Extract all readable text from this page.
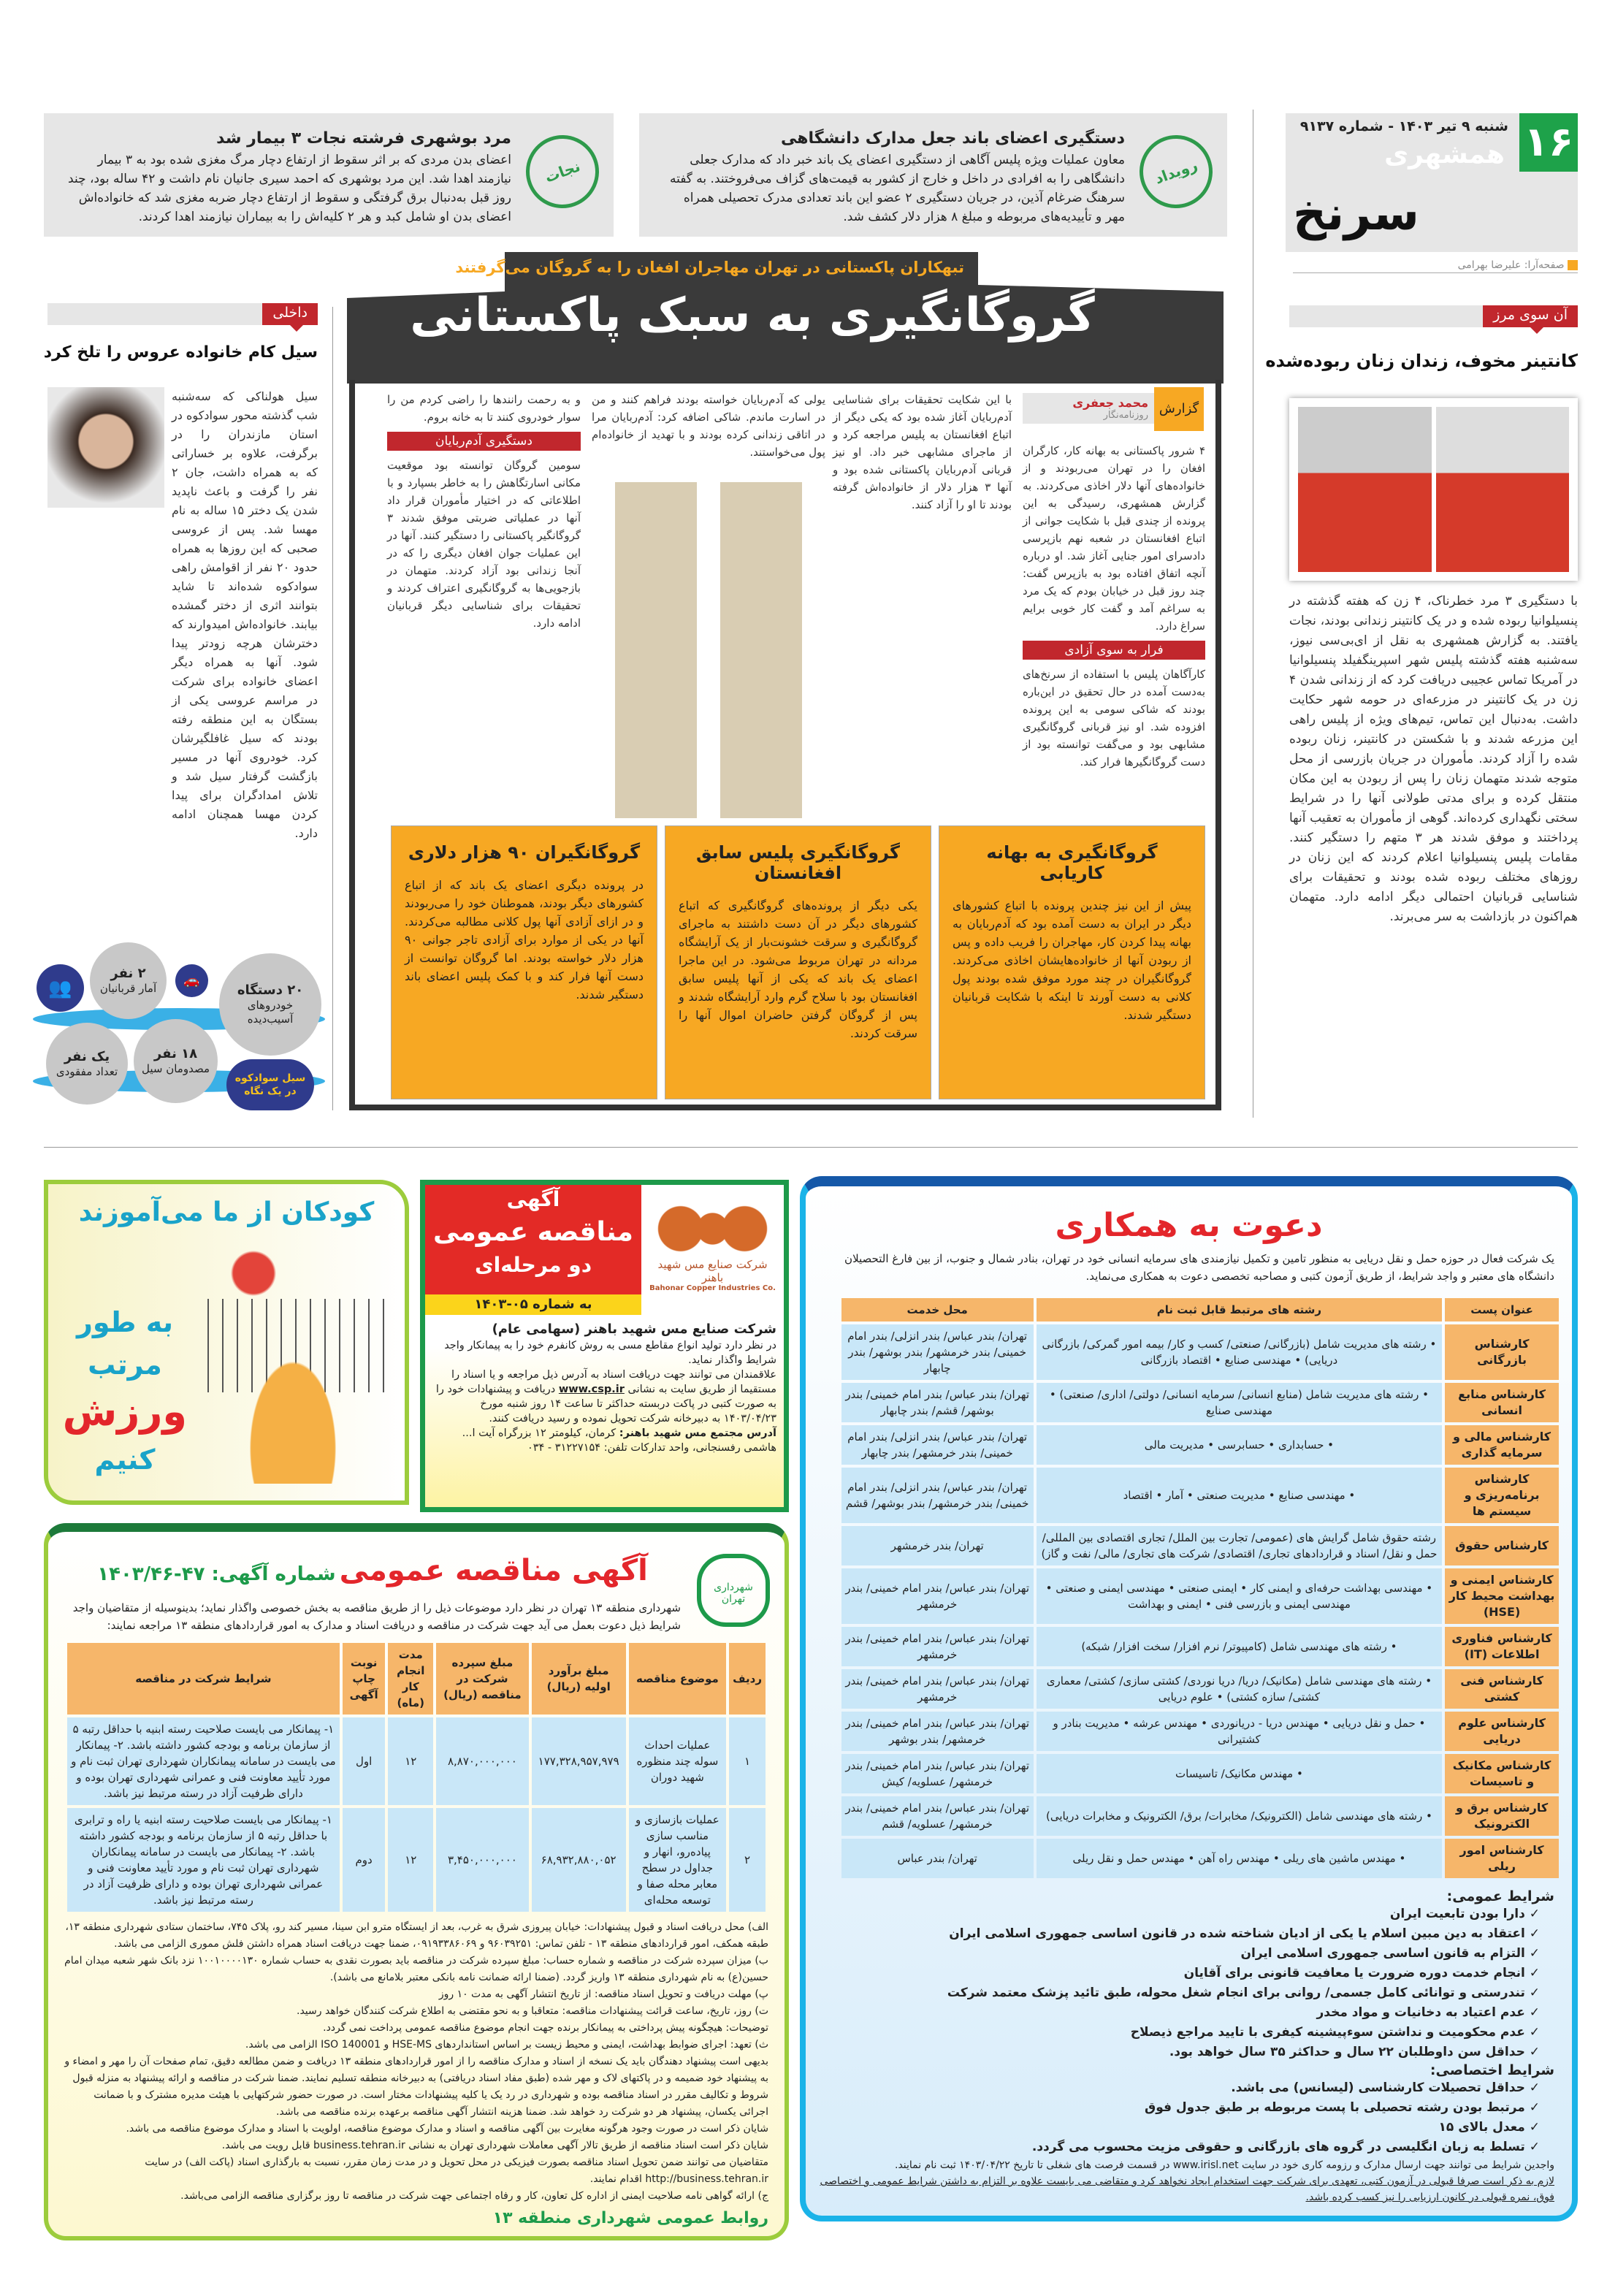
۱۶
شنبه ۹ تیر ۱۴۰۳ - شماره ۹۱۳۷
همشهری
سرنخ
صفحه‌آرا: علیرضا بهرامی
رویداد
دستگیری اعضای باند جعل مدارک دانشگاهی

معاون عملیات ویژه پلیس آگاهی از دستگیری اعضای یک باند خبر داد که مدارک جعلی دانشگاهی را به افرادی در داخل و خارج از کشور به قیمت‌های گزاف می‌فروختند. به گفته سرهنگ ضرغام آذین، در جریان دستگیری ۲ عضو این باند تعدادی مدرک تحصیلی همراه مهر و تأییدیه‌های مربوطه و مبلغ ۸ هزار دلار کشف شد.

نجات
مرد بوشهری فرشته نجات ۳ بیمار شد

اعضای بدن مردی که بر اثر سقوط از ارتفاع دچار مرگ مغزی شده بود به ۳ بیمار نیازمند اهدا شد. این مرد بوشهری که احمد سیری جانیان نام داشت و ۴۲ ساله بود، چند روز قبل به‌دنبال برق گرفتگی و سقوط از ارتفاع دچار ضربه مغزی شد که خانواده‌اش اعضای بدن او شامل کبد و هر ۲ کلیه‌اش را به بیماران نیازمند اهدا کردند.

آن سوی مرز
کانتینر مخوف، زندان زنان ربوده‌شده

با دستگیری ۳ مرد خطرناک، ۴ زن که هفته گذشته در پنسیلوانیا ربوده شده و در یک کانتینر زندانی بودند، نجات یافتند. به گزارش همشهری به نقل از ای‌بی‌سی نیوز، سه‌شنبه هفته گذشته پلیس شهر اسپرینگفیلد پنسیلوانیا در آمریکا تماس عجیبی دریافت کرد که از زندانی شدن ۴ زن در یک کانتینر در مزرعه‌ای در حومه شهر حکایت داشت. به‌دنبال این تماس، تیم‌های ویژه از پلیس راهی این مزرعه شدند و با شکستن در کانتینر، زنان ربوده شده را آزاد کردند. مأموران در جریان بازرسی از محل متوجه شدند متهمان زنان را پس از ربودن به این مکان منتقل کرده و برای مدتی طولانی آنها را در شرایط سختی نگهداری کرده‌اند. گوهی از مأموران به تعقیب آنها پرداختند و موفق شدند هر ۳ متهم را دستگیر کنند. مقامات پلیس پنسیلوانیا اعلام کردند که این زنان در روزهای مختلف ربوده شده بودند و تحقیقات برای شناسایی قربانیان احتمالی دیگر ادامه دارد. متهمان هم‌اکنون در بازداشت به سر می‌برند.

تبهکاران پاکستانی در تهران مهاجران افغان را به گروگان می‌گرفتند
گروگانگیری به سبک پاکستانی
گزارش
محمد جعفری
روزنامه‌نگار

۴ شرور پاکستانی به بهانه کار، کارگران افغان را در تهران می‌ربودند و از خانواده‌های آنها دلار اخاذی می‌کردند. به گزارش همشهری، رسیدگی به این پرونده از چندی قبل با شکایت جوانی از اتباع افغانستان در شعبه نهم بازپرسی دادسرای امور جنایی آغاز شد. او درباره آنچه اتفاق افتاده بود به بازپرس گفت: چند روز قبل در خیابان بودم که یک مرد به سراغم آمد و گفت کار خوبی برایم سراغ دارد.

فرار به سوی آزادی

کارآگاهان پلیس با استفاده از سرنخ‌های به‌دست آمده در حال تحقیق در این‌باره بودند که شاکی سومی به این پرونده افزوده شد. او نیز قربانی گروگانگیری مشابهی بود و می‌گفت توانسته بود از دست گروگانگیرها فرار کند.

با این شکایت تحقیقات برای شناسایی آدم‌ربایان آغاز شده بود که یکی دیگر از اتباع افغانستان به پلیس مراجعه کرد و از ماجرای مشابهی خبر داد. او نیز قربانی آدم‌ربایان پاکستانی شده بود و آنها ۳ هزار دلار از خانواده‌اش گرفته بودند تا او را آزاد کنند.

یولی که آدم‌ربایان خواسته بودند فراهم کنند و من در اسارت ماندم. شاکی اضافه کرد: آدم‌ربایان مرا در اتاقی زندانی کرده بودند و با تهدید از خانواده‌ام پول می‌خواستند.

و به رحمت رانندها را راضی کردم من را سوار خودروی کنند تا به خانه بروم.

دستگیری آدم‌ربایان

سومین گروگان توانسته بود موقعیت مکانی اسارتگاهش را به خاطر بسپارد و با اطلاعاتی که در اختیار مأموران قرار داد آنها در عملیاتی ضربتی موفق شدند ۳ گروگانگیر پاکستانی را دستگیر کنند. آنها در این عملیات جوان افغان دیگری را که در آنجا زندانی بود آزاد کردند. متهمان در بازجویی‌ها به گروگانگیری اعتراف کردند و تحقیقات برای شناسایی دیگر قربانیان ادامه دارد.

گروگانگیری به بهانه کاریابی

پیش از این نیز چندین پرونده با اتباع کشورهای دیگر در ایران به دست آمده بود که آدم‌ربایان به بهانه پیدا کردن کار، مهاجران را فریب داده و پس از ربودن آنها از خانواده‌هایشان اخاذی می‌کردند. گروگانگیران در چند مورد موفق شده بودند پول کلانی به دست آورند تا اینکه با شکایت قربانیان دستگیر شدند.

گروگانگیری پلیس سابق افغانستان

یکی دیگر از پرونده‌های گروگانگیری که اتباع کشورهای دیگر در آن دست داشتند به ماجرای گروگانگیری و سرقت خشونت‌بار از یک آرایشگاه مردانه در تهران مربوط می‌شود. در این ماجرا اعضای یک باند که یکی از آنها پلیس سابق افغانستان بود با سلاح گرم وارد آرایشگاه شدند و پس از گروگان گرفتن حاضران اموال آنها را سرقت کردند.

گروگانگیران ۹۰ هزار دلاری

در پرونده دیگری اعضای یک باند که از اتباع کشورهای دیگر بودند، هموطنان خود را می‌ربودند و در ازای آزادی آنها پول کلانی مطالبه می‌کردند. آنها در یکی از موارد برای آزادی تاجر جوانی ۹۰ هزار دلار خواسته بودند. اما گروگان توانست از دست آنها فرار کند و با کمک پلیس اعضای باند دستگیر شدند.

داخلی
سیل کام خانواده عروس را تلخ کرد

سیل هولناکی که سه‌شنبه شب گذشته محور سوادکوه در استان مازندران را در برگرفت، علاوه بر خساراتی که به همراه داشت، جان ۲ نفر را گرفت و باعث ناپدید شدن یک دختر ۱۵ ساله به نام مهسا شد. پس از عروسی صحبی که این روزها به همراه حدود ۲۰ نفر از اقوامش راهی سوادکوه شده‌اند تا شاید بتوانند اثری از دختر گمشده بیابند. خانواده‌اش امیدوارند که دخترشان هرچه زودتر پیدا شود. آنها به همراه دیگر اعضای خانواده برای شرکت در مراسم عروسی یکی از بستگان به این منطقه رفته بودند که سیل غافلگیرشان کرد. خودروی آنها در مسیر بازگشت گرفتار سیل شد و تلاش امدادگران برای پیدا کردن مهسا همچنان ادامه دارد.

۲۰ دستگاه
خودروهای آسیب‌دیده
۲ نفر
آمار قربانیان
۱۸ نفر
مصدومان سیل
یک نفر
تعداد مفقودی
👥	🚗
سیل سوادکوه در یک نگاه
کودکان از ما می‌آموزند
به طور
مرتب
ورزش
کنیم
آگهی
مناقصه عمومی
دو مرحله‌ای
به شماره ۰۵-۱۴۰۳
شرکت صنایع مس شهید باهنر
Bahonar Copper Industries Co.
شرکت صنایع مس شهید باهنر (سهامی عام)
در نظر دارد تولید انواع مقاطع مسی به روش کانفرم خود را به پیمانکار واجد شرایط واگذار نماید.
علاقمندان می توانند جهت دریافت اسناد به آدرس ذیل مراجعه و یا اسناد را مستقیما از طریق سایت به نشانی www.csp.ir دریافت و پیشنهادات خود را به صورت کتبی در پاکت دربسته حداکثر تا ساعت ۱۴ روز شنبه مورخ ۱۴۰۳/۰۴/۲۳ به دبیرخانه شرکت تحویل نموده و رسید دریافت کنند.
آدرس مجتمع مس شهید باهنر: کرمان، کیلومتر ۱۲ بزرگراه آیت ا... هاشمی رفسنجانی، واحد تدارکات تلفن: ۳۱۲۲۷۱۵۴ - ۰۳۴
شهرداری تهران
آگهی مناقصه عمومی شماره آگهی: ۴۷-۱۴۰۳/۴۶

شهرداری منطقه ۱۳ تهران در نظر دارد موضوعات ذیل را از طریق مناقصه به بخش خصوصی واگذار نماید؛ بدینوسیله از متقاضیان واجد شرایط ذیل دعوت بعمل می آید جهت شرکت در مناقصه و دریافت اسناد و مدارک به امور قراردادهای منطقه ۱۳ مراجعه نمایند:

ردیف	موضوع مناقصه	مبلغ برآورد اولیه (ریال)	مبلغ سپرده شرکت در مناقصه (ریال)	مدت انجام کار (ماه)	نوبت چاپ آگهی	شرایط شرکت در مناقصه
۱	عملیات احداث سوله چند منظوره شهید دوران	۱۷۷,۳۲۸,۹۵۷,۹۷۹	۸,۸۷۰,۰۰۰,۰۰۰	۱۲	اول	۱- پیمانکار می بایست صلاحیت رسته ابنیه با حداقل رتبه ۵ از سازمان برنامه و بودجه کشور داشته باشد. ۲- پیمانکار می بایست در سامانه پیمانکاران شهرداری تهران ثبت نام و مورد تأیید معاونت فنی و عمرانی شهرداری تهران بوده و دارای ظرفیت آزاد در رسته مرتبط نیز باشد.
۲	عملیات بازسازی و مناسب سازی پیاده‌رو، انهار و جداول در سطح معابر محله صفا و توسعه محله‌ای	۶۸,۹۳۲,۸۸۰,۰۵۲	۳,۴۵۰,۰۰۰,۰۰۰	۱۲	دوم	۱- پیمانکار می بایست صلاحیت رسته ابنیه یا راه و ترابری با حداقل رتبه ۵ از سازمان برنامه و بودجه کشور داشته باشد. ۲- پیمانکار می بایست در سامانه پیمانکاران شهرداری تهران ثبت نام و مورد تأیید معاونت فنی و عمرانی شهرداری تهران بوده و دارای ظرفیت آزاد در رسته مرتبط نیز باشد.

الف) محل دریافت اسناد و قبول پیشنهادات: خیابان پیروزی شرق به غرب، بعد از ایستگاه مترو ابن سینا، مسیر کند رو، پلاک ۷۴۵، ساختمان ستادی شهرداری منطقه ۱۳، طبقه همکف، امور قراردادهای منطقه ۱۳ - تلفن تماس: ۹۶۰۳۹۲۵۱ و ۰۹۱۹۳۳۸۶۰۶۹، ضمنا جهت دریافت اسناد همراه داشتن فلش مموری الزامی می باشد.

ب) میزان سپرده شرکت در مناقصه و شماره حساب: مبلغ سپرده شرکت در مناقصه باید بصورت نقدی به حساب شماره ۱۰۰۱۰۰۰۰۱۳۰ نزد بانک شهر شعبه میدان امام حسین(ع) به نام شهرداری منطقه ۱۳ واریز گردد. (ضمنا ارائه ضمانت نامه بانکی معتبر بلامانع می باشد).

پ) مهلت دریافت و تحویل اسناد مناقصه: از تاریخ انتشار آگهی به مدت ۱۰ روز

ت) روز، تاریخ، ساعت قرائت پیشنهادات مناقصه: متعاقبا و به نحو مقتضی به اطلاع شرکت کنندگان خواهد رسید.

توضیحات: هیچگونه پیش پرداختی به پیمانکار برنده جهت انجام موضوع مناقصه عمومی پرداخت نمی گردد.

ث) تعهد: اجرای ضوابط بهداشت، ایمنی و محیط زیست بر اساس استانداردهای HSE-MS و ISO 140001 الزامی می باشد.

بدیهی است پیشنهاد دهندگان باید یک نسخه از اسناد و مدارک مناقصه را از امور قراردادهای منطقه ۱۳ دریافت و ضمن مطالعه دقیق، تمام صفحات آن را مهر و امضاء و به پیشنهاد خود ضمیمه و در پاکتهای لاک و مهر شده (طبق مفاد اسناد دریافتی) به دبیرخانه منطقه تسلیم نمایند. ضمنا شرکت در مناقصه و ارائه پیشنهاد به منزله قبول شروط و تکالیف مقرر در اسناد مناقصه بوده و شهرداری در رد یک یا کلیه پیشنهادات مختار است. در صورت حضور شرکتهایی با هیئت مدیره مشترک و با ضمانت اجرائی یکسان، پیشنهاد هر دو شرکت رد خواهد شد. ضمنا هزینه انتشار آگهی مناقصه برعهده برنده مناقصه می باشد.

شایان ذکر است در صورت وجود هرگونه مغایرت بین آگهی مناقصه و اسناد و مدارک موضوع مناقصه، اولویت با اسناد و مدارک موضوع مناقصه می باشد.

شایان ذکر است اسناد مناقصه از طریق تالار آگهی معاملات شهرداری تهران به نشانی business.tehran.ir قابل رویت می باشد.

متقاضیان می توانند ضمن تحویل اسناد مناقصه بصورت فیزیکی در محل تحویل و در مدت زمان مقرر، نسبت به بارگذاری اسناد (پاکت الف) در سایت http://business.tehran.ir اقدام نمایند.

ج) ارائه گواهی نامه صلاحیت ایمنی از اداره کل تعاون، کار و رفاه اجتماعی جهت شرکت در مناقصه تا روز برگزاری مناقصه الزامی می‌باشد.

روابط عمومی شهرداری منطقه ۱۳
دعوت به همکاری

یک شرکت فعال در حوزه حمل و نقل دریایی به منظور تامین و تکمیل نیازمندی های سرمایه انسانی خود در تهران، بنادر شمال و جنوب، از بین فارغ التحصیلان دانشگاه های معتبر و واجد شرایط، از طریق آزمون کتبی و مصاحبه تخصصی دعوت به همکاری می‌نماید.

عنوان پست	رشته های مرتبط قابل ثبت نام	محل خدمت
کارشناس بازرگانی	• رشته های مدیریت شامل (بازرگانی/ صنعتی/ کسب و کار/ بیمه امور گمرکی/ بازرگانی دریایی) • مهندسی صنایع • اقتصاد بازرگانی	تهران/ بندر عباس/ بندر انزلی/ بندر امام خمینی/ بندر خرمشهر/ بندر بوشهر/ بندر چابهار
کارشناس منابع انسانی	• رشته های مدیریت شامل (منابع انسانی/ سرمایه انسانی/ دولتی/ اداری/ صنعتی) • مهندسی صنایع	تهران/ بندر عباس/ بندر امام خمینی/ بندر بوشهر/ قشم/ بندر چابهار
کارشناس مالی و سرمایه گذاری	• حسابداری • حسابرسی • مدیریت مالی	تهران/ بندر عباس/ بندر انزلی/ بندر امام خمینی/ بندر خرمشهر/ بندر چابهار
کارشناس برنامه‌ریزی و سیستم ها	• مهندسی صنایع • مدیریت صنعتی • آمار • اقتصاد	تهران/ بندر عباس/ بندر انزلی/ بندر امام خمینی/ بندر خرمشهر/ بندر بوشهر/ قشم
کارشناس حقوق	رشته حقوق شامل گرایش های (عمومی/ تجارت بین الملل/ تجاری اقتصادی بین المللی/ حمل و نقل/ اسناد و قراردادهای تجاری/ اقتصادی/ شرکت های تجاری/ مالی/ نفت و گاز)	تهران/ بندر خرمشهر
کارشناس ایمنی و بهداشت محیط کار (HSE)	• مهندسی بهداشت حرفه‌ای و ایمنی کار • ایمنی صنعتی • مهندسی ایمنی و صنعتی • مهندسی ایمنی و بازرسی فنی • ایمنی و بهداشت	تهران/ بندر عباس/ بندر امام خمینی/ بندر خرمشهر
کارشناس فناوری اطلاعات (IT)	• رشته های مهندسی شامل (کامپیوتر/ نرم افزار/ سخت افزار/ شبکه)	تهران/ بندر عباس/ بندر امام خمینی/ بندر خرمشهر
کارشناس فنی کشتی	• رشته های مهندسی شامل (مکانیک/ دریا/ دریا نوردی/ کشتی سازی/ کشتی/ معماری کشتی/ سازه کشتی) • علوم دریایی	تهران/ بندر عباس/ بندر امام خمینی/ بندر خرمشهر
کارشناس علوم دریایی	• حمل و نقل دریایی • مهندس دریا - دریانوردی • مهندس عرشه • مدیریت بنادر و کشتیرانی	تهران/ بندر عباس/ بندر امام خمینی/ بندر خرمشهر/ بندر بوشهر
کارشناس مکانیک و تاسیسات	• مهندس مکانیک/ تاسیسات	تهران/ بندر عباس/ بندر امام خمینی/ بندر خرمشهر/ عسلویه/ کیش
کارشناس برق و الکترونیک	• رشته های مهندسی شامل (الکترونیک/ مخابرات/ برق/ الکترونیک و مخابرات دریایی)	تهران/ بندر عباس/ بندر امام خمینی/ بندر خرمشهر/ عسلویه/ قشم
کارشناس امور ریلی	• مهندس ماشین های ریلی • مهندس راه آهن • مهندس حمل و نقل ریلی	تهران/ بندر عباس
شرایط عمومی:
✓ دارا بودن تابعیت ایران
✓ اعتقاد به دین مبین اسلام یا یکی از ادیان شناخته شده در قانون اساسی جمهوری اسلامی ایران
✓ التزام به قانون اساسی جمهوری اسلامی ایران
✓ انجام خدمت دوره ضرورت یا معافیت قانونی برای آقایان
✓ تندرستی و توانائی کامل جسمی/ روانی برای انجام شغل محوله، طبق تائید پزشک معتمد شرکت
✓ عدم اعتیاد به دخانیات و مواد مخدر
✓ عدم محکومیت و نداشتن سوء‌پیشینه کیفری با تایید مراجع ذیصلاح
✓ حداقل سن داوطلبان ۲۲ سال و حداکثر ۳۵ سال خواهد بود.
شرایط اختصاصی:
✓ حداقل تحصیلات کارشناسی (لیسانس) می باشد.
✓ مرتبط بودن رشته تحصیلی با پست مربوطه بر طبق جدول فوق
✓ معدل بالای ۱۵
✓ تسلط به زبان انگلیسی در گروه های بازرگانی و حقوقی مزیت محسوب می گردد.

واجدین شرایط می توانند جهت ارسال مدارک و رزومه کاری خود در سایت www.irisl.net در قسمت فرصت های شغلی تا تاریخ ۱۴۰۳/۰۴/۲۲ ثبت نام نمایند.

لازم به ذکر است صرفا قبولی در آزمون کتبی، تعهدی برای شرکت جهت استخدام ایجاد نخواهد کرد و متقاضی می بایست علاوه بر التزام به داشتن شرایط عمومی و اختصاصی فوق، نمره قبولی در کانون ارزیابی را نیز کسب کرده باشد.
